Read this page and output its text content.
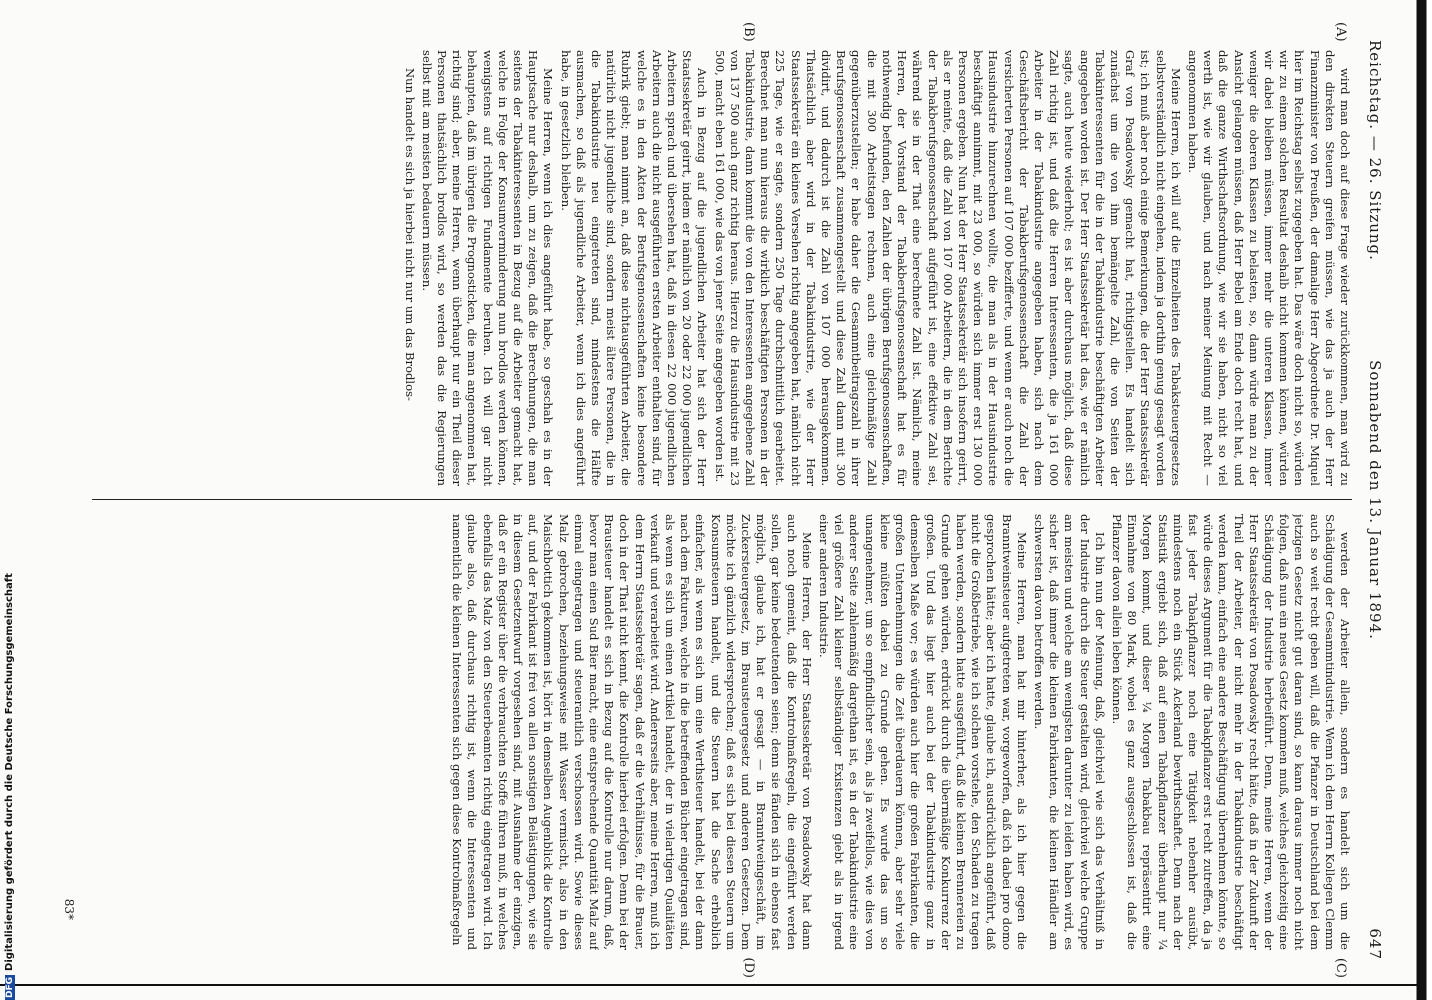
Reichstag. — 26. Sitzung.
Sonnabend den 13. Januar 1894.
647
(A)
(B)
(C)
(D)

wird man doch auf diese Frage wieder zurückkommen, man wird zu den direkten Steuern greifen müssen, wie das ja auch der Herr Finanzminister von Preußen, der damalige Herr Abgeordnete Dr. Miquel hier im Reichstag selbst zugegeben hat. Das wäre doch nicht so, würden wir zu einem solchen Resultat deshalb nicht kommen können, würden wir dabei bleiben müssen, immer mehr die unteren Klassen, immer weniger die oberen Klassen zu belasten, so, dann würde man zu der Ansicht gelangen müssen, daß Herr Bebel am Ende doch recht hat, und daß die ganze Wirthschaftsordnung, wie wir sie haben, nicht so viel werth ist, wie wir glauben, und nach meiner Meinung mit Recht — angenommen haben.

Meine Herren, ich will auf die Einzelheiten des Tabaksteuergesetzes selbstverständlich nicht eingehen, indem ja dorthin genug gesagt worden ist; ich muß aber noch einige Bemerkungen, die der Herr Staatssekretär Graf von Posadowsky gemacht hat, richtigstellen. Es handelt sich zunächst um die von ihm bemängelte Zahl, die von Seiten der Tabakinteressenten für die in der Tabakindustrie beschäftigten Arbeiter angegeben worden ist. Der Herr Staatssekretär hat das, wie er nämlich sagte, auch heute wiederholt; es ist aber durchaus möglich, daß diese Zahl richtig ist, und daß die Herren Interessenten, die ja 161 000 Arbeiter in der Tabakindustrie angegeben haben, sich nach dem Geschäftsbericht der Tabakberufsgenossenschaft die Zahl der versicherten Personen auf 107 000 bezifferte, und wenn er auch noch die Hausindustrie hinzurechnen wollte, die man als in der Hausindustrie beschäftigt annimmt, mit 23 000, so würden sich immer erst 130 000 Personen ergeben. Nun hat der Herr Staatssekretär sich insofern geirrt, als er meinte, daß die Zahl von 107 000 Arbeitern, die in dem Berichte der Tabakberufsgenossenschaft aufgeführt ist, eine effektive Zahl sei, während sie in der That eine berechnete Zahl ist. Nämlich, meine Herren, der Vorstand der Tabakberufsgenossenschaft hat es für nothwendig befunden, den Zahlen der übrigen Berufsgenossenschaften, die mit 300 Arbeitstagen rechnen, auch eine gleichmäßige Zahl gegenüberzustellen; er habe daher die Gesammtbeitragszahl in ihrer Berufsgenossenschaft zusammengestellt und diese Zahl dann mit 300 dividirt, und dadurch ist die Zahl von 107 000 herausgekommen. Thatsächlich aber wird in der Tabakindustrie, wie der Herr Staatssekretär ein kleines Versehen richtig angegeben hat, nämlich nicht 225 Tage, wie er sagte, sondern 250 Tage durchschnittlich gearbeitet. Berechnet man nun hieraus die wirklich beschäftigten Personen in der Tabakindustrie, dann kommt die von den Interessenten angegebene Zahl von 137 500 auch ganz richtig heraus. Hierzu die Hausindustrie mit 23 500, macht eben 161 000, wie das von jener Seite angegeben worden ist.

Auch in Bezug auf die jugendlichen Arbeiter hat sich der Herr Staatssekretär geirrt, indem er nämlich von 20 oder 22 000 jugendlichen Arbeitern sprach und übersehen hat, daß in diesen 22 000 jugendlichen Arbeitern auch die nicht ausgeführten ersten Arbeiter enthalten sind, für welche es in den Akten der Berufsgenossenschaften keine besondere Rubrik giebt; man nimmt an, daß diese nichtausgeführten Arbeiter, die natürlich nicht jugendliche sind, sondern meist ältere Personen, die in die Tabakindustrie neu eingetreten sind, mindestens die Hälfte ausmachen, so daß als jugendliche Arbeiter, wenn ich dies angeführt habe, in gesetzlich bleiben.

Meine Herren, wenn ich dies angeführt habe, so geschah es in der Hauptsache nur deshalb, um zu zeigen, daß die Berechnungen, die man seitens der Tabakinteressenten in Bezug auf die Arbeiter gemacht hat, welche in Folge der Konsumverminderung nun brodlos werden können, wenigstens auf richtigen Fundamente beruhen. Ich will gar nicht behaupten, daß im übrigen die Prognosticken, die man angenommen hat, richtig sind; aber, meine Herren, wenn überhaupt nur ein Theil dieser Personen thatsächlich brodlos wird, so werden das die Regierungen selbst mit am meisten bedauern müssen.

Nun handelt es sich ja hierbei nicht nur um das Brodlos-

werden der Arbeiter allein, sondern es handelt sich um die Schädigung der Gesammtindustrie. Wenn ich dem Herrn Kollegen Clemm auch so weit recht geben will, daß die Pfanzer in Deutschland bei dem jetzigen Gesetz nicht gut daran sind, so kann daraus immer noch nicht folgen, daß nun ein neues Gesetz kommen muß, welches gleichzeitig eine Schädigung der Industrie herbeiführt. Denn, meine Herren, wenn der Herr Staatssekretär von Posadowsky recht hätte, daß in der Zukunft der Theil der Arbeiter, der nicht mehr in der Tabakindustrie beschäftigt werden kann, einfach eine andere Beschäftigung übernehmen könnte, so würde dieses Argument für die Tabakpflanzer erst recht zutreffen, da ja fast jeder Tabakpflanzer noch eine Tätigkeit nebenher ausübt, mindestens noch ein Stück Ackerland bewirthschaftet. Denn nach der Statistik ergiebt sich, daß auf einen Tabakpflanzer überhaupt nur ¼ Morgen kommt, und dieser ¼ Morgen Tabakbau repräsentirt eine Einnahme von 80 Mark, wobei es ganz ausgeschlossen ist, daß die Pflanzer davon allein leben können.

Ich bin nun der Meinung, daß, gleichviel wie sich das Verhältniß in der Industrie durch die Steuer gestalten wird, gleichviel welche Gruppe am meisten und welche am wenigsten darunter zu leiden haben wird, es sicher ist, daß immer die kleinen Fabrikanten, die kleinen Händler am schwersten davon betroffen werden.

Meine Herren, man hat mir hinterher, als ich hier gegen die Branntweinsteuer aufgetreten war, vorgeworfen, daß ich dabei pro domo gesprochen hätte; aber ich hatte, glaube ich, ausdrücklich angeführt, daß nicht die Großbetriebe, wie ich solchen vorstehe, den Schaden zu tragen haben werden, sondern hatte ausgeführt, daß die kleinen Brennereien zu Grunde gehen würden, erdrückt durch die übermäßige Konkurrenz der großen. Und das liegt hier auch bei der Tabakindustrie ganz in demselben Maße vor; es würden auch hier die großen Fabrikanten, die großen Unternehmungen die Zeit überdauern können, aber sehr viele kleine müßten dabei zu Grunde gehen. Es wurde das um so unangenehmer, um so empfindlicher sein, als ja zweifellos, wie dies von anderer Seite zahlenmäßig dargethan ist, es in der Tabakindustrie eine viel größere Zahl kleiner selbständiger Existenzen giebt als in irgend einer anderen Industrie.

Meine Herren, der Herr Staatssekretär von Posadowsky hat dann auch noch gemeint, daß die Kontrolmaßregeln, die eingeführt werden sollen, gar keine bedeutenden seien; denn sie fänden sich in ebenso fast möglich, glaube ich, hat er gesagt — in Branntweingeschäft, im Zuckersteuergesetz, im Brausteuergesetz und anderen Gesetzen. Dem möchte ich gänzlich widersprechen; daß es sich bei diesen Steuern um Konsumsteuern handelt, und die Steuern hat die Sache erheblich einfacher, als wenn es sich um eine Werthsteuer handelt, bei der dann nach dem Fakturen, welche in die betreffenden Bücher eingetragen sind, als wenn es sich um einen Artikel handelt, der in vielartigen Qualitäten verkauft und verarbeitet wird. Andererseits aber, meine Herren, muß ich dem Herrn Staatssekretär sagen, daß er die Verhältnisse, für die Brauer, doch in der That nicht kennt, die Kontrolle hierbei erfolgen. Denn bei der Brausteuer handelt es sich in Bezug auf die Kontrolle nur darum, daß, bevor man einen Sud Bier macht, eine entsprechende Quantität Malz auf einmal eingetragen und steuerantlich verschossen wird. Sowie dieses Malz gebrochen, beziehungsweise mit Wasser vermischt, also in den Maischbottich gekommen ist, hört in demselben Augenblick die Kontrolle auf, und der Fabrikant ist frei von allen sonstigen Belästigungen, wie sie in diesem Gesetzentwurf vorgesehen sind, mit Ausnahme der einzigen, daß er ein Register über die verbrauchten Stoffe führen muß, in welches ebenfalls das Malz von den Steuerbeamten richtig eingetragen wird. Ich glaube also, daß durchaus richtig ist, wenn die Interessenten und namentlich die kleinen Interessenten sich gegen diese Kontrolmaßregeln

83*
DFGDigitalisierung gefördert durch die Deutsche Forschungsgemeinschaft
